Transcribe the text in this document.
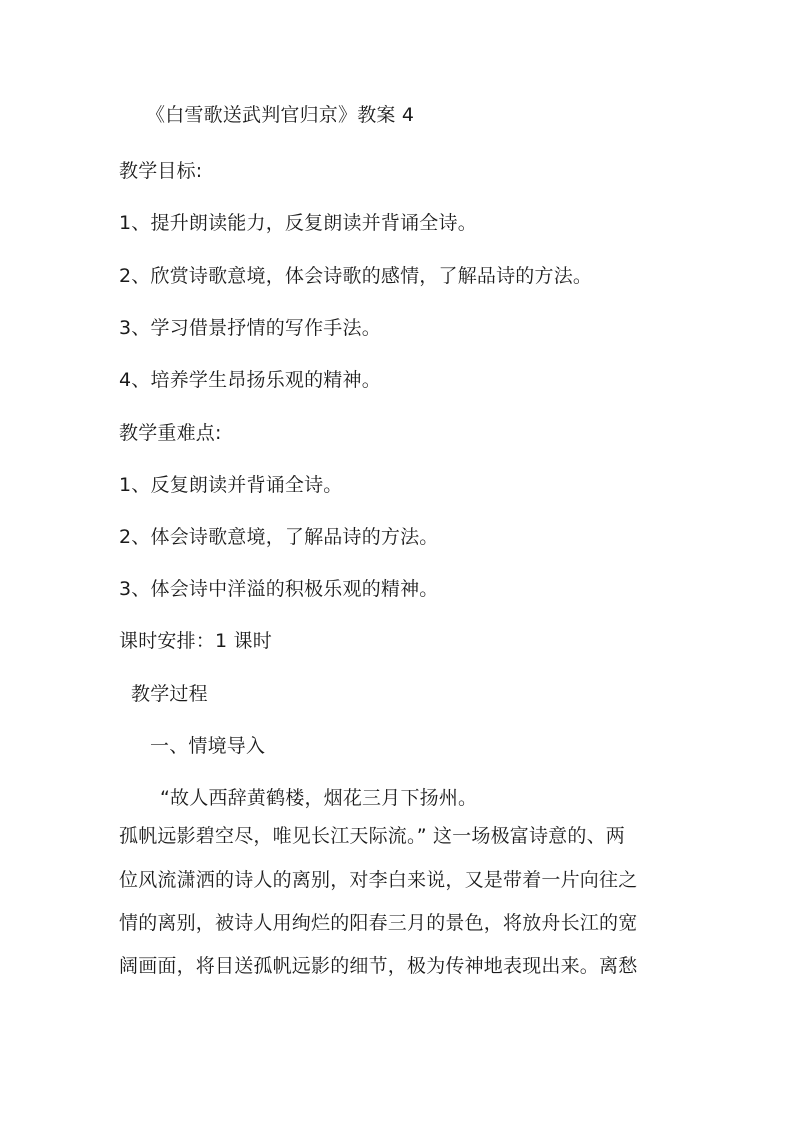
《白雪歌送武判官归京》教案 4
教学目标:
1、提升朗读能力，反复朗读并背诵全诗。
2、欣赏诗歌意境，体会诗歌的感情，了解品诗的方法。
3、学习借景抒情的写作手法。
4、培养学生昂扬乐观的精神。
教学重难点:
1、反复朗读并背诵全诗。
2、体会诗歌意境，了解品诗的方法。
3、体会诗中洋溢的积极乐观的精神。
课时安排：1 课时
教学过程
一、情境导入
“故人西辞黄鹤楼，烟花三月下扬州。
孤帆远影碧空尽，唯见长江天际流。” 这一场极富诗意的、两
位风流潇洒的诗人的离别，对李白来说，又是带着一片向往之
情的离别，被诗人用绚烂的阳春三月的景色，将放舟长江的宽
阔画面，将目送孤帆远影的细节，极为传神地表现出来。离愁
